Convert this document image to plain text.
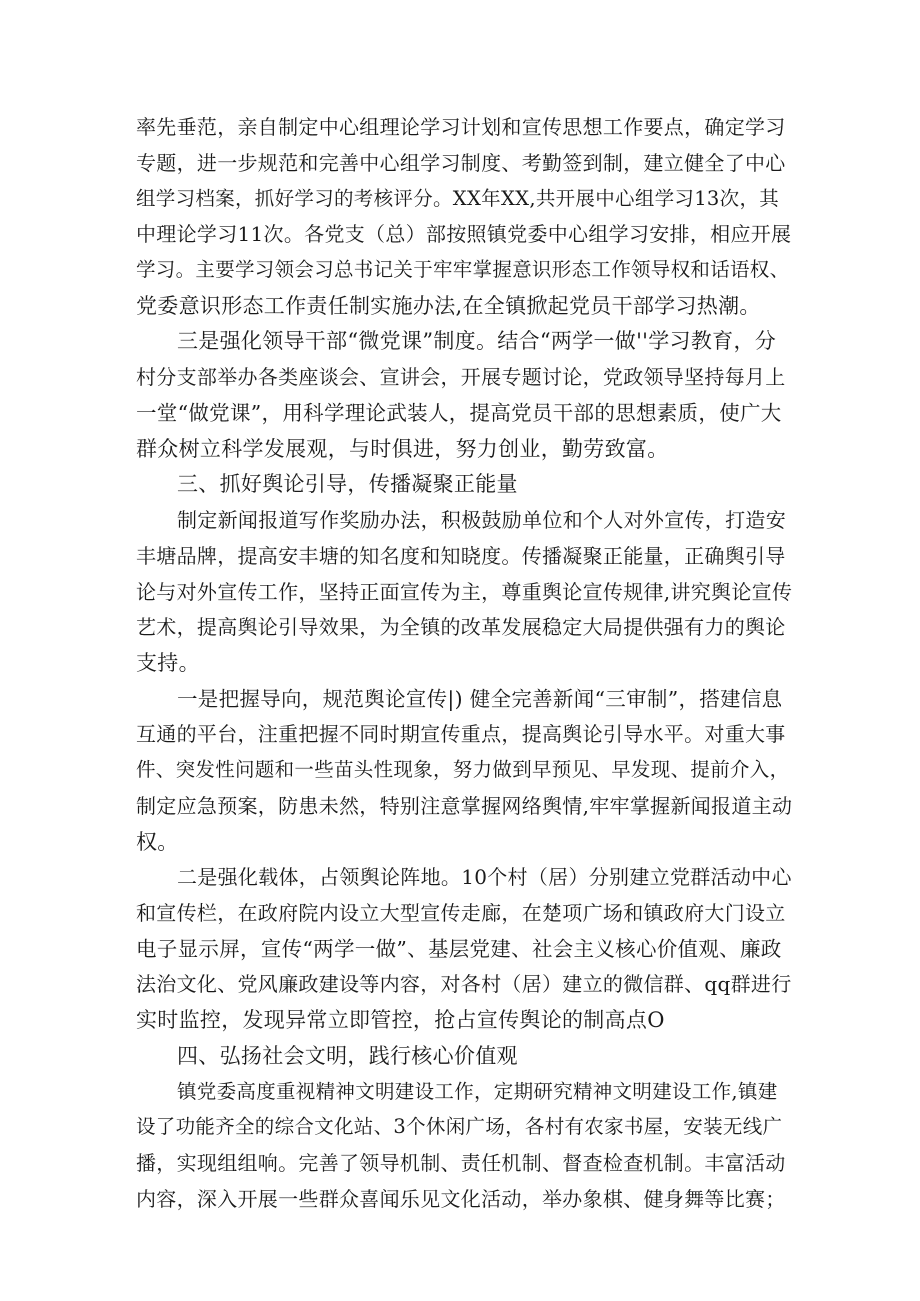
率先垂范，亲自制定中心组理论学习计划和宣传思想工作要点，确定学习
专题，进一步规范和完善中心组学习制度、考勤签到制，建立健全了中心
组学习档案，抓好学习的考核评分。XX年XX,共开展中心组学习13次，其
中理论学习11次。各党支（总）部按照镇党委中心组学习安排，相应开展
学习。主要学习领会习总书记关于牢牢掌握意识形态工作领导权和话语权、
党委意识形态工作责任制实施办法,在全镇掀起党员干部学习热潮。
三是强化领导干部“微党课”制度。结合“两学一做''学习教育，分
村分支部举办各类座谈会、宣讲会，开展专题讨论，党政领导坚持每月上
一堂“做党课”，用科学理论武装人，提高党员干部的思想素质，使广大
群众树立科学发展观，与时俱进，努力创业，勤劳致富。
三、抓好舆论引导，传播凝聚正能量
制定新闻报道写作奖励办法，积极鼓励单位和个人对外宣传，打造安
丰塘品牌，提高安丰塘的知名度和知晓度。传播凝聚正能量，正确舆引导
论与对外宣传工作，坚持正面宣传为主，尊重舆论宣传规律,讲究舆论宣传
艺术，提高舆论引导效果，为全镇的改革发展稳定大局提供强有力的舆论
支持。
一是把握导向，规范舆论宣传|) 健全完善新闻“三审制”，搭建信息
互通的平台，注重把握不同时期宣传重点，提高舆论引导水平。对重大事
件、突发性问题和一些苗头性现象，努力做到早预见、早发现、提前介入，
制定应急预案，防患未然，特别注意掌握网络舆情,牢牢掌握新闻报道主动
权。
二是强化载体，占领舆论阵地。10个村（居）分别建立党群活动中心
和宣传栏，在政府院内设立大型宣传走廊，在楚项广场和镇政府大门设立
电子显示屏，宣传“两学一做”、基层党建、社会主义核心价值观、廉政
法治文化、党风廉政建设等内容，对各村（居）建立的微信群、qq群进行
实时监控，发现异常立即管控，抢占宣传舆论的制高点O
四、弘扬社会文明，践行核心价值观
镇党委高度重视精神文明建设工作，定期研究精神文明建设工作,镇建
设了功能齐全的综合文化站、3个休闲广场，各村有农家书屋，安装无线广
播，实现组组响。完善了领导机制、责任机制、督查检查机制。丰富活动
内容，深入开展一些群众喜闻乐见文化活动，举办象棋、健身舞等比赛；
